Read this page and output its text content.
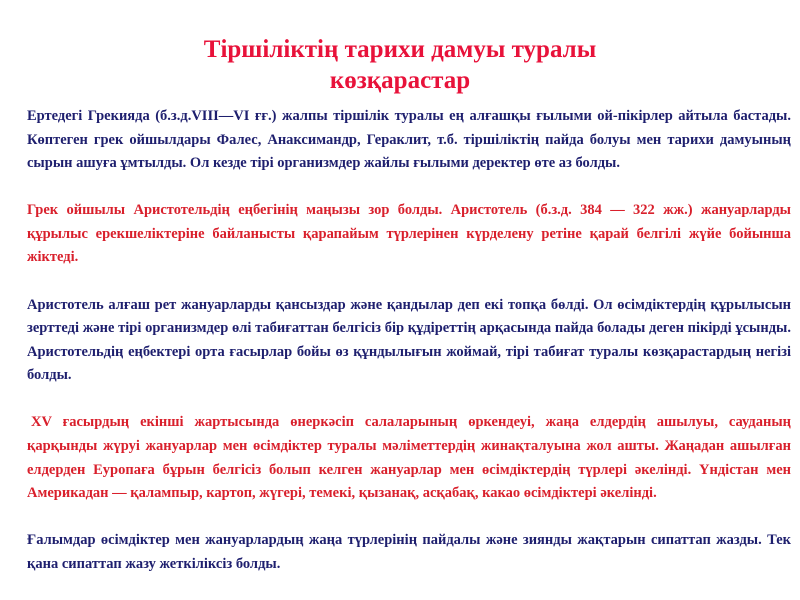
Тіршіліктің тарихи дамуы туралы
көзқарастар

Ертедегі Грекияда (б.з.д.VIII—VI ғғ.) жалпы тіршілік туралы ең алғашқы ғылыми ой-пікірлер айтыла бастады. Көптеген грек ойшылдары Фалес, Анаксимандр, Гераклит, т.б. тіршіліктің пайда болуы мен тарихи дамуының сырын ашуға ұмтылды. Ол кезде тірі организмдер жайлы ғылыми деректер өте аз болды.

Грек ойшылы Аристотельдің еңбегінің маңызы зор болды. Аристотель (б.з.д. 384 — 322 жж.) жануарларды құрылыс ерекшеліктеріне байланысты қарапайым түрлерінен күрделену ретіне қарай белгілі жүйе бойынша жіктеді.

Аристотель алғаш рет жануарларды қансыздар және қандылар деп екі топқа бөлді. Ол өсімдіктердің құрылысын зерттеді және тірі организмдер өлі табиғаттан белгісіз бір құдіреттің арқасында пайда болады деген пікірді ұсынды. Аристотельдің еңбектері орта ғасырлар бойы өз құндылығын жоймай, тірі табиғат туралы көзқарастардың негізі болды.

XV ғасырдың екінші жартысында өнеркәсіп салаларының өркендеуі, жаңа елдердің ашылуы, сауданың қарқынды жүруі жануарлар мен өсімдіктер туралы мәліметтердің жинақталуына жол ашты. Жаңадан ашылған елдерден Еуропаға бұрын белгісіз болып келген жануарлар мен өсімдіктердің түрлері әкелінді. Үндістан мен Америкадан — қалампыр, картоп, жүгері, темекі, қызанақ, асқабақ, какао өсімдіктері әкелінді.

Ғалымдар өсімдіктер мен жануарлардың жаңа түрлерінің пайдалы және зиянды жақтарын сипаттап жазды. Тек қана сипаттап жазу жеткіліксіз болды.
